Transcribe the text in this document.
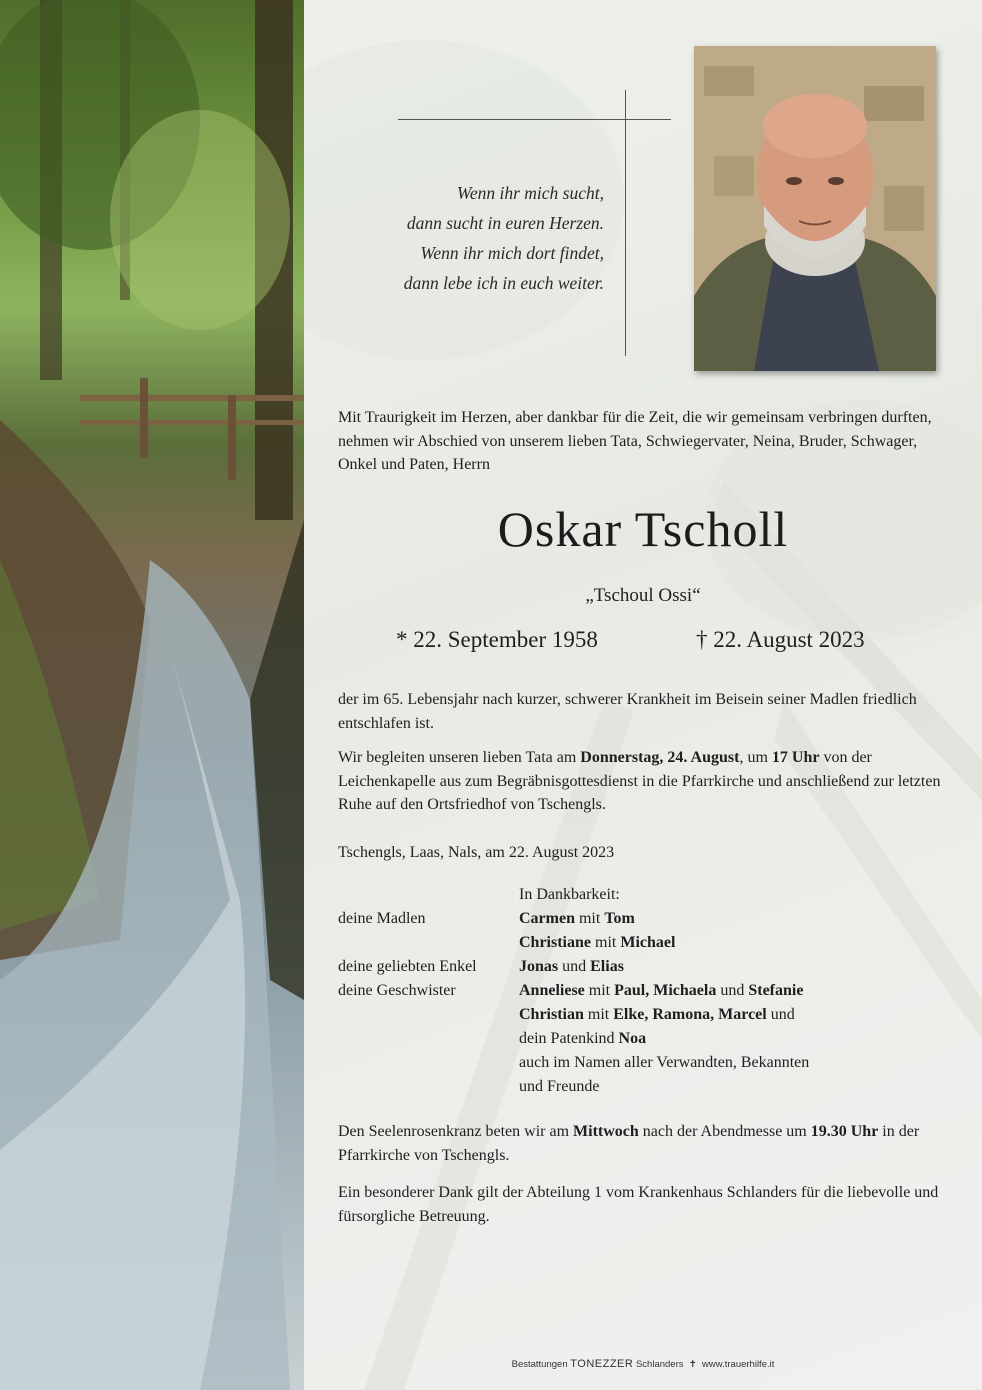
Wenn ihr mich sucht,
dann sucht in euren Herzen.
Wenn ihr mich dort findet,
dann lebe ich in euch weiter.
Mit Traurigkeit im Herzen, aber dankbar für die Zeit, die wir gemeinsam verbringen durften, nehmen wir Abschied von unserem lieben Tata, Schwiegervater, Neina, Bruder, Schwager, Onkel und Paten, Herrn
Oskar Tscholl
„Tschoul Ossi“
* 22. September 1958	† 22. August 2023
der im 65. Lebensjahr nach kurzer, schwerer Krankheit im Beisein seiner Madlen friedlich entschlafen ist.
Wir begleiten unseren lieben Tata am Donnerstag, 24. August, um 17 Uhr von der Leichenkapelle aus zum Begräbnisgottesdienst in die Pfarrkirche und anschließend zur letzten Ruhe auf den Ortsfriedhof von Tschengls.
Tschengls, Laas, Nals, am 22. August 2023
In Dankbarkeit:
deine Madlen	Carmen mit Tom
Christiane mit Michael
deine geliebten Enkel	Jonas und Elias
deine Geschwister	Anneliese mit Paul, Michaela und Stefanie
Christian mit Elke, Ramona, Marcel und
dein Patenkind Noa
auch im Namen aller Verwandten, Bekannten
und Freunde
Den Seelenrosenkranz beten wir am Mittwoch nach der Abendmesse um 19.30 Uhr in der Pfarrkirche von Tschengls.
Ein besonderer Dank gilt der Abteilung 1 vom Krankenhaus Schlanders für die liebevolle und fürsorgliche Betreuung.
Bestattungen TONEZZER Schlanders  ✝  www.trauerhilfe.it
